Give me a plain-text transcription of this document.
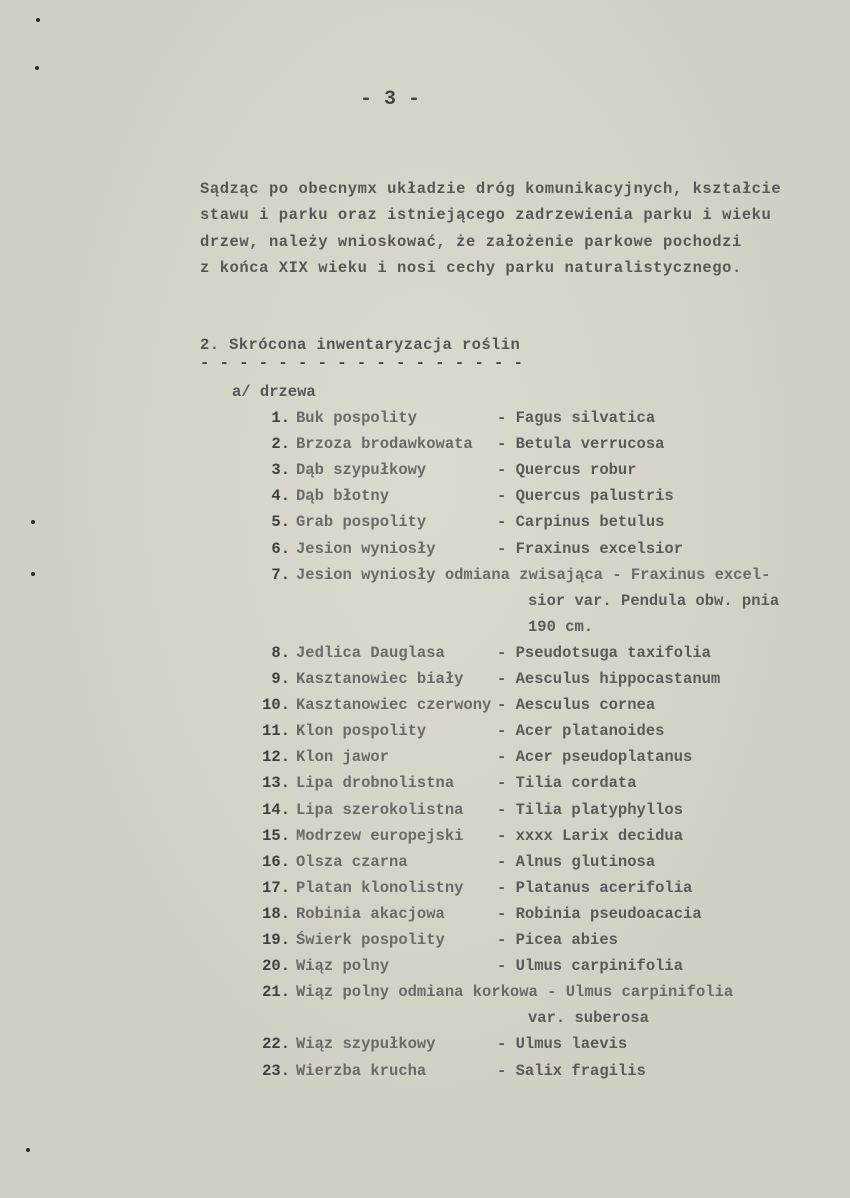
- 3 -
Sądząc po obecnymx układzie dróg komunikacyjnych, kształcie
stawu i parku oraz istniejącego zadrzewienia parku i wieku
drzew, należy wnioskować, że założenie parkowe pochodzi
z końca XIX wieku i nosi cechy parku naturalistycznego.
2. Skrócona inwentaryzacja roślin
- - - - - - - - - - - - - - - - -
a/ drzewa
1. Buk pospolity	- Fagus silvatica
2. Brzoza brodawkowata - Betula verrucosa
3. Dąb szypułkowy	- Quercus robur
4. Dąb błotny	- Quercus palustris
5. Grab pospolity	- Carpinus betulus
6. Jesion wyniosły	- Fraxinus excelsior
7. Jesion wyniosły odmiana zwisająca - Fraxinus excel-
sior var. Pendula obw. pnia
190 cm.
8. Jedlica Dauglasa	- Pseudotsuga taxifolia
9. Kasztanowiec biały - Aesculus hippocastanum
10. Kasztanowiec czerwony - Aesculus cornea
11. Klon pospolity	- Acer platanoides
12. Klon jawor	- Acer pseudoplatanus
13. Lipa drobnolistna	- Tilia cordata
14. Lipa szerokolistna - Tilia platyphyllos
15. Modrzew europejski - xxxx Larix decidua
16. Olsza czarna	- Alnus glutinosa
17. Platan klonolistny - Platanus acerifolia
18. Robinia akacjowa	- Robinia pseudoacacia
19. Świerk pospolity	- Picea abies
20. Wiąz polny	- Ulmus carpinifolia
21. Wiąz polny odmiana korkowa - Ulmus carpinifolia
var. suberosa
22. Wiąz szypułkowy	- Ulmus laevis
23. Wierzba krucha	- Salix fragilis
